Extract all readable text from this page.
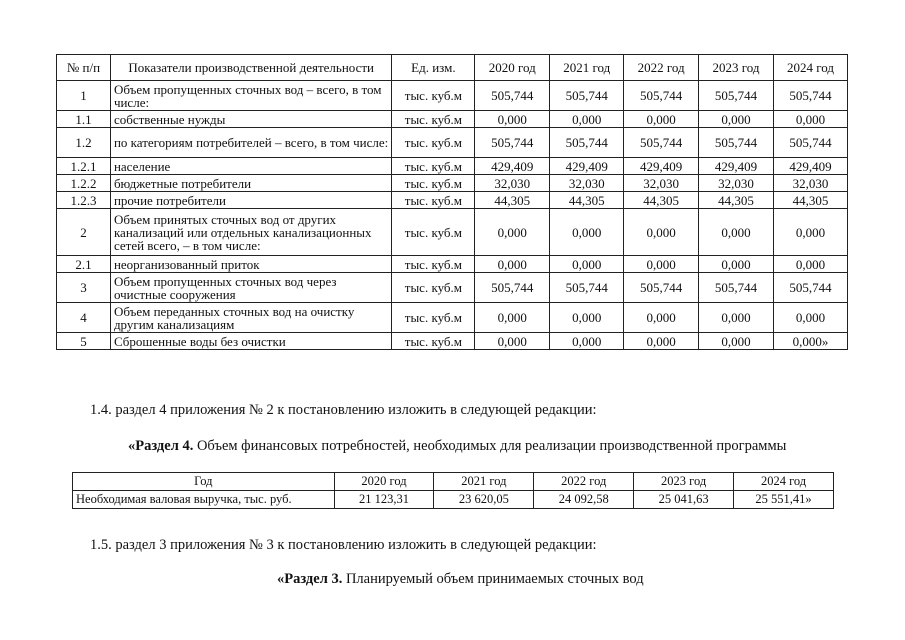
№ п/п	Показатели производственной деятельности	Ед. изм.	2020 год	2021 год	2022 год	2023 год	2024 год
1	Объем пропущенных сточных вод – всего, в том числе:	тыс. куб.м	505,744	505,744	505,744	505,744	505,744
1.1	собственные нужды	тыс. куб.м	0,000	0,000	0,000	0,000	0,000
1.2	по категориям потребителей – всего, в том числе:	тыс. куб.м	505,744	505,744	505,744	505,744	505,744
1.2.1	население	тыс. куб.м	429,409	429,409	429,409	429,409	429,409
1.2.2	бюджетные потребители	тыс. куб.м	32,030	32,030	32,030	32,030	32,030
1.2.3	прочие потребители	тыс. куб.м	44,305	44,305	44,305	44,305	44,305
2	Объем принятых сточных вод от других канализаций или отдельных канализационных сетей всего, – в том числе:	тыс. куб.м	0,000	0,000	0,000	0,000	0,000
2.1	неорганизованный приток	тыс. куб.м	0,000	0,000	0,000	0,000	0,000
3	Объем пропущенных сточных вод через очистные сооружения	тыс. куб.м	505,744	505,744	505,744	505,744	505,744
4	Объем переданных сточных вод на очистку другим канализациям	тыс. куб.м	0,000	0,000	0,000	0,000	0,000
5	Сброшенные воды без очистки	тыс. куб.м	0,000	0,000	0,000	0,000	0,000»
1.4. раздел 4 приложения № 2 к постановлению изложить в следующей редакции:
«Раздел 4. Объем финансовых потребностей, необходимых для реализации производственной программы
Год	2020 год	2021 год	2022 год	2023 год	2024 год
Необходимая валовая выручка, тыс. руб.	21 123,31	23 620,05	24 092,58	25 041,63	25 551,41»
1.5. раздел 3 приложения № 3 к постановлению изложить в следующей редакции:
«Раздел 3. Планируемый объем принимаемых сточных вод
